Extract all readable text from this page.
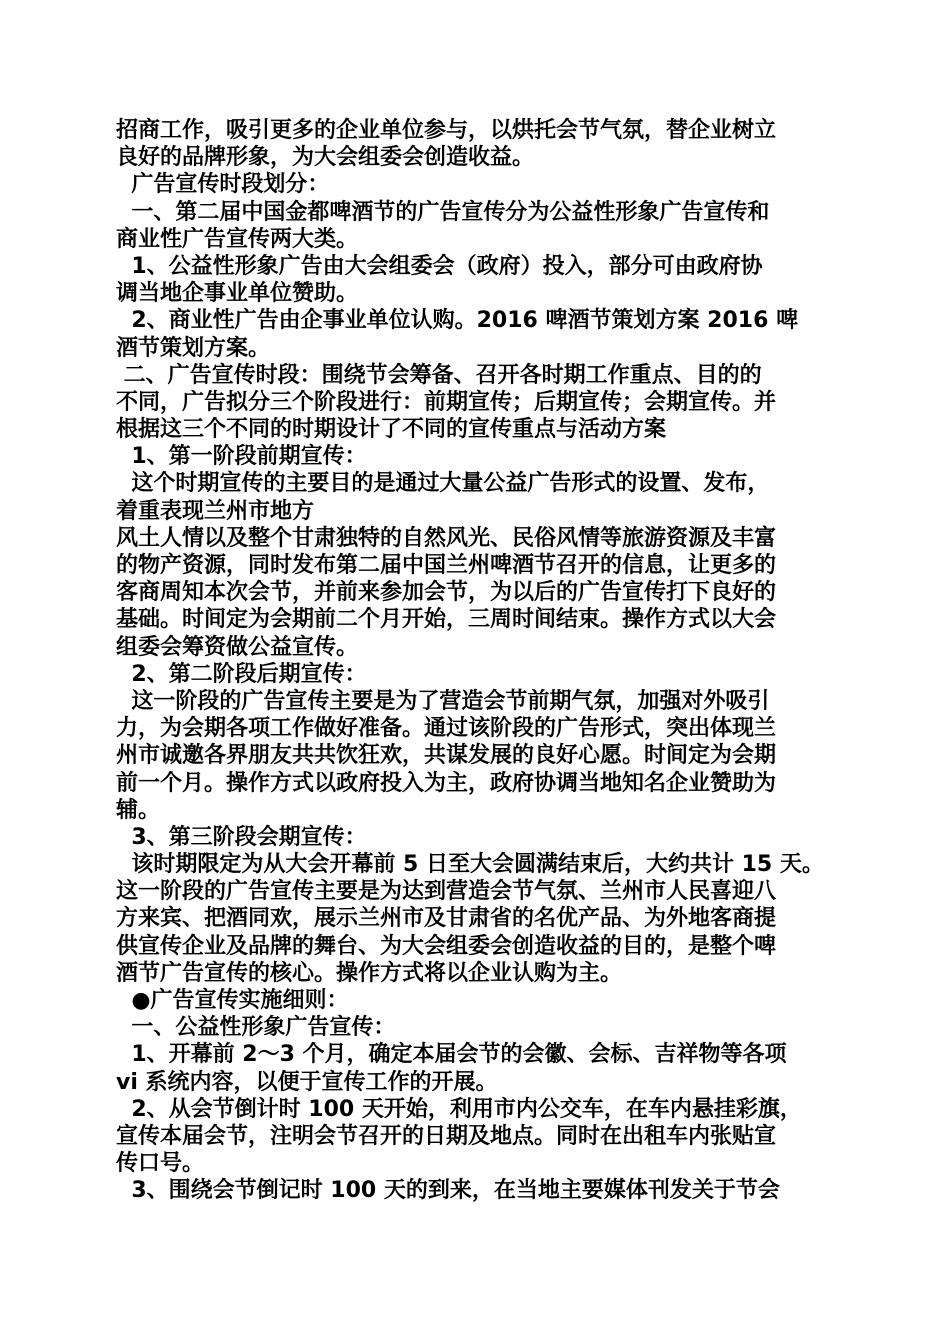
招商工作，吸引更多的企业单位参与，以烘托会节气氛，替企业树立
良好的品牌形象，为大会组委会创造收益。
广告宣传时段划分：
一、第二届中国金都啤酒节的广告宣传分为公益性形象广告宣传和
商业性广告宣传两大类。
1、公益性形象广告由大会组委会（政府）投入，部分可由政府协
调当地企事业单位赞助。
2、商业性广告由企事业单位认购。2016 啤酒节策划方案 2016 啤
酒节策划方案。
二、广告宣传时段：围绕节会筹备、召开各时期工作重点、目的的
不同，广告拟分三个阶段进行：前期宣传；后期宣传；会期宣传。并
根据这三个不同的时期设计了不同的宣传重点与活动方案
1、第一阶段前期宣传：
这个时期宣传的主要目的是通过大量公益广告形式的设置、发布，
着重表现兰州市地方
风土人情以及整个甘肃独特的自然风光、民俗风情等旅游资源及丰富
的物产资源，同时发布第二届中国兰州啤酒节召开的信息，让更多的
客商周知本次会节，并前来参加会节，为以后的广告宣传打下良好的
基础。时间定为会期前二个月开始，三周时间结束。操作方式以大会
组委会筹资做公益宣传。
2、第二阶段后期宣传：
这一阶段的广告宣传主要是为了营造会节前期气氛，加强对外吸引
力，为会期各项工作做好准备。通过该阶段的广告形式，突出体现兰
州市诚邀各界朋友共共饮狂欢，共谋发展的良好心愿。时间定为会期
前一个月。操作方式以政府投入为主，政府协调当地知名企业赞助为
辅。
3、第三阶段会期宣传：
该时期限定为从大会开幕前 5 日至大会圆满结束后，大约共计 15 天。
这一阶段的广告宣传主要是为达到营造会节气氛、兰州市人民喜迎八
方来宾、把酒同欢，展示兰州市及甘肃省的名优产品、为外地客商提
供宣传企业及品牌的舞台、为大会组委会创造收益的目的，是整个啤
酒节广告宣传的核心。操作方式将以企业认购为主。
●广告宣传实施细则：
一、公益性形象广告宣传：
1、开幕前 2～3 个月，确定本届会节的会徽、会标、吉祥物等各项
vi 系统内容，以便于宣传工作的开展。
2、从会节倒计时 100 天开始，利用市内公交车，在车内悬挂彩旗，
宣传本届会节，注明会节召开的日期及地点。同时在出租车内张贴宣
传口号。
3、围绕会节倒记时 100 天的到来，在当地主要媒体刊发关于节会
